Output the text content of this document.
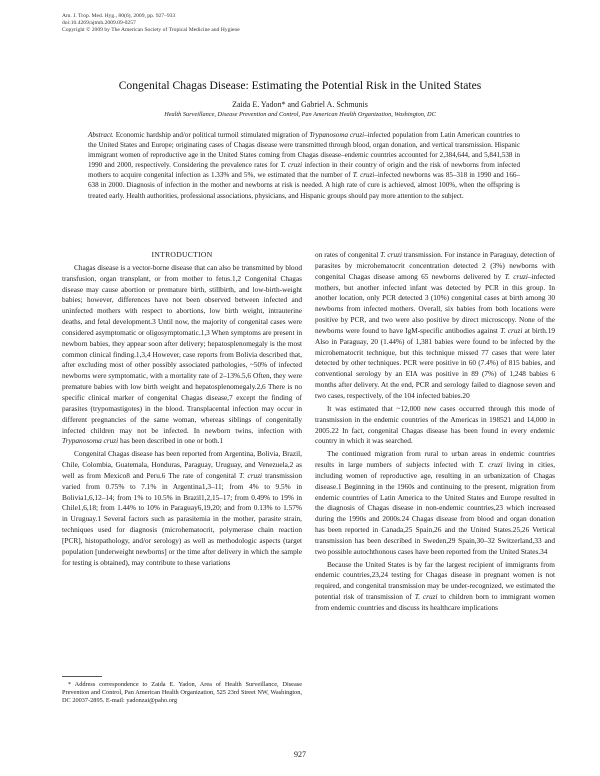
Am. J. Trop. Med. Hyg., 80(6), 2009, pp. 927–933
doi:10.4269/ajtmh.2009.09-0257
Copyright © 2009 by The American Society of Tropical Medicine and Hygiene
Congenital Chagas Disease: Estimating the Potential Risk in the United States
Zaida E. Yadon* and Gabriel A. Schmunis
Health Surveillance, Disease Prevention and Control, Pan American Health Organization, Washington, DC
Abstract. Economic hardship and/or political turmoil stimulated migration of Trypanosoma cruzi–infected population from Latin American countries to the United States and Europe; originating cases of Chagas disease were transmitted through blood, organ donation, and vertical transmission. Hispanic immigrant women of reproductive age in the United States coming from Chagas disease–endemic countries accounted for 2,384,644, and 5,841,538 in 1990 and 2000, respectively. Considering the prevalence rates for T. cruzi infection in their country of origin and the risk of newborns from infected mothers to acquire congenital infection as 1.33% and 5%, we estimated that the number of T. cruzi–infected newborns was 85–318 in 1990 and 166–638 in 2000. Diagnosis of infection in the mother and newborns at risk is needed. A high rate of cure is achieved, almost 100%, when the offspring is treated early. Health authorities, professional associations, physicians, and Hispanic groups should pay more attention to the subject.

INTRODUCTION

Chagas disease is a vector-borne disease that can also be transmitted by blood transfusion, organ transplant, or from mother to fetus.1,2 Congenital Chagas disease may cause abortion or premature birth, stillbirth, and low-birth-weight babies; however, differences have not been observed between infected and uninfected mothers with respect to abortions, low birth weight, intrauterine deaths, and fetal development.3 Until now, the majority of congenital cases were considered asymptomatic or oligosymptomatic.1,3 When symptoms are present in newborn babies, they appear soon after delivery; hepatosplenomegaly is the most common clinical finding.1,3,4 However, case reports from Bolivia described that, after excluding most of other possibly associated pathologies, ~50% of infected newborns were symptomatic, with a mortality rate of 2–13%.5,6 Often, they were premature babies with low birth weight and hepatosplenomegaly.2,6 There is no specific clinical marker of congenital Chagas disease,7 except the finding of parasites (trypomastigotes) in the blood. Transplacental infection may occur in different pregnancies of the same woman, whereas siblings of congenitally infected children may not be infected. In newborn twins, infection with Trypanosoma cruzi has been described in one or both.1

Congenital Chagas disease has been reported from Argentina, Bolivia, Brazil, Chile, Colombia, Guatemala, Honduras, Paraguay, Uruguay, and Venezuela,2 as well as from Mexico8 and Peru.6 The rate of congenital T. cruzi transmission varied from 0.75% to 7.1% in Argentina1,3–11; from 4% to 9.5% in Bolivia1,6,12–14; from 1% to 10.5% in Brazil1,2,15–17; from 0.49% to 19% in Chile1,6,18; from 1.44% to 10% in Paraguay6,19,20; and from 0.13% to 1.57% in Uruguay.1 Several factors such as parasitemia in the mother, parasite strain, techniques used for diagnosis (microhematocrit, polymerase chain reaction [PCR], histopathology, and/or serology) as well as methodologic aspects (target population [underweight newborns] or the time after delivery in which the sample for testing is obtained), may contribute to these variations

on rates of congenital T. cruzi transmission. For instance in Paraguay, detection of parasites by microhematocrit concentration detected 2 (3%) newborns with congenital Chagas disease among 65 newborns delivered by T. cruzi–infected mothers, but another infected infant was detected by PCR in this group. In another location, only PCR detected 3 (10%) congenital cases at birth among 30 newborns from infected mothers. Overall, six babies from both locations were positive by PCR, and two were also positive by direct microscopy. None of the newborns were found to have IgM-specific antibodies against T. cruzi at birth.19 Also in Paraguay, 20 (1.44%) of 1,381 babies were found to be infected by the microhematocrit technique, but this technique missed 77 cases that were later detected by other techniques. PCR were positive in 60 (7.4%) of 815 babies, and conventional serology by an EIA was positive in 89 (7%) of 1,248 babies 6 months after delivery. At the end, PCR and serology failed to diagnose seven and two cases, respectively, of the 104 infected babies.20

It was estimated that ~12,000 new cases occurred through this mode of transmission in the endemic countries of the Americas in 198521 and 14,000 in 2005.22 In fact, congenital Chagas disease has been found in every endemic country in which it was searched.

The continued migration from rural to urban areas in endemic countries results in large numbers of subjects infected with T. cruzi living in cities, including women of reproductive age, resulting in an urbanization of Chagas disease.1 Beginning in the 1960s and continuing to the present, migration from endemic countries of Latin America to the United States and Europe resulted in the diagnosis of Chagas disease in non-endemic countries,23 which increased during the 1990s and 2000s.24 Chagas disease from blood and organ donation has been reported in Canada,25 Spain,26 and the United States.25,26 Vertical transmission has been described in Sweden,29 Spain,30–32 Switzerland,33 and two possible autochthonous cases have been reported from the United States.34

Because the United States is by far the largest recipient of immigrants from endemic countries,23,24 testing for Chagas disease in pregnant women is not required, and congenital transmission may be under-recognized, we estimated the potential risk of transmission of T. cruzi to children born to immigrant women from endemic countries and discuss its healthcare implications

* Address correspondence to Zaida E. Yadon, Area of Health Surveillance, Disease Prevention and Control, Pan American Health Organization, 525 23rd Street NW, Washington, DC 20037-2895. E-mail: yadonzai@paho.org

927
